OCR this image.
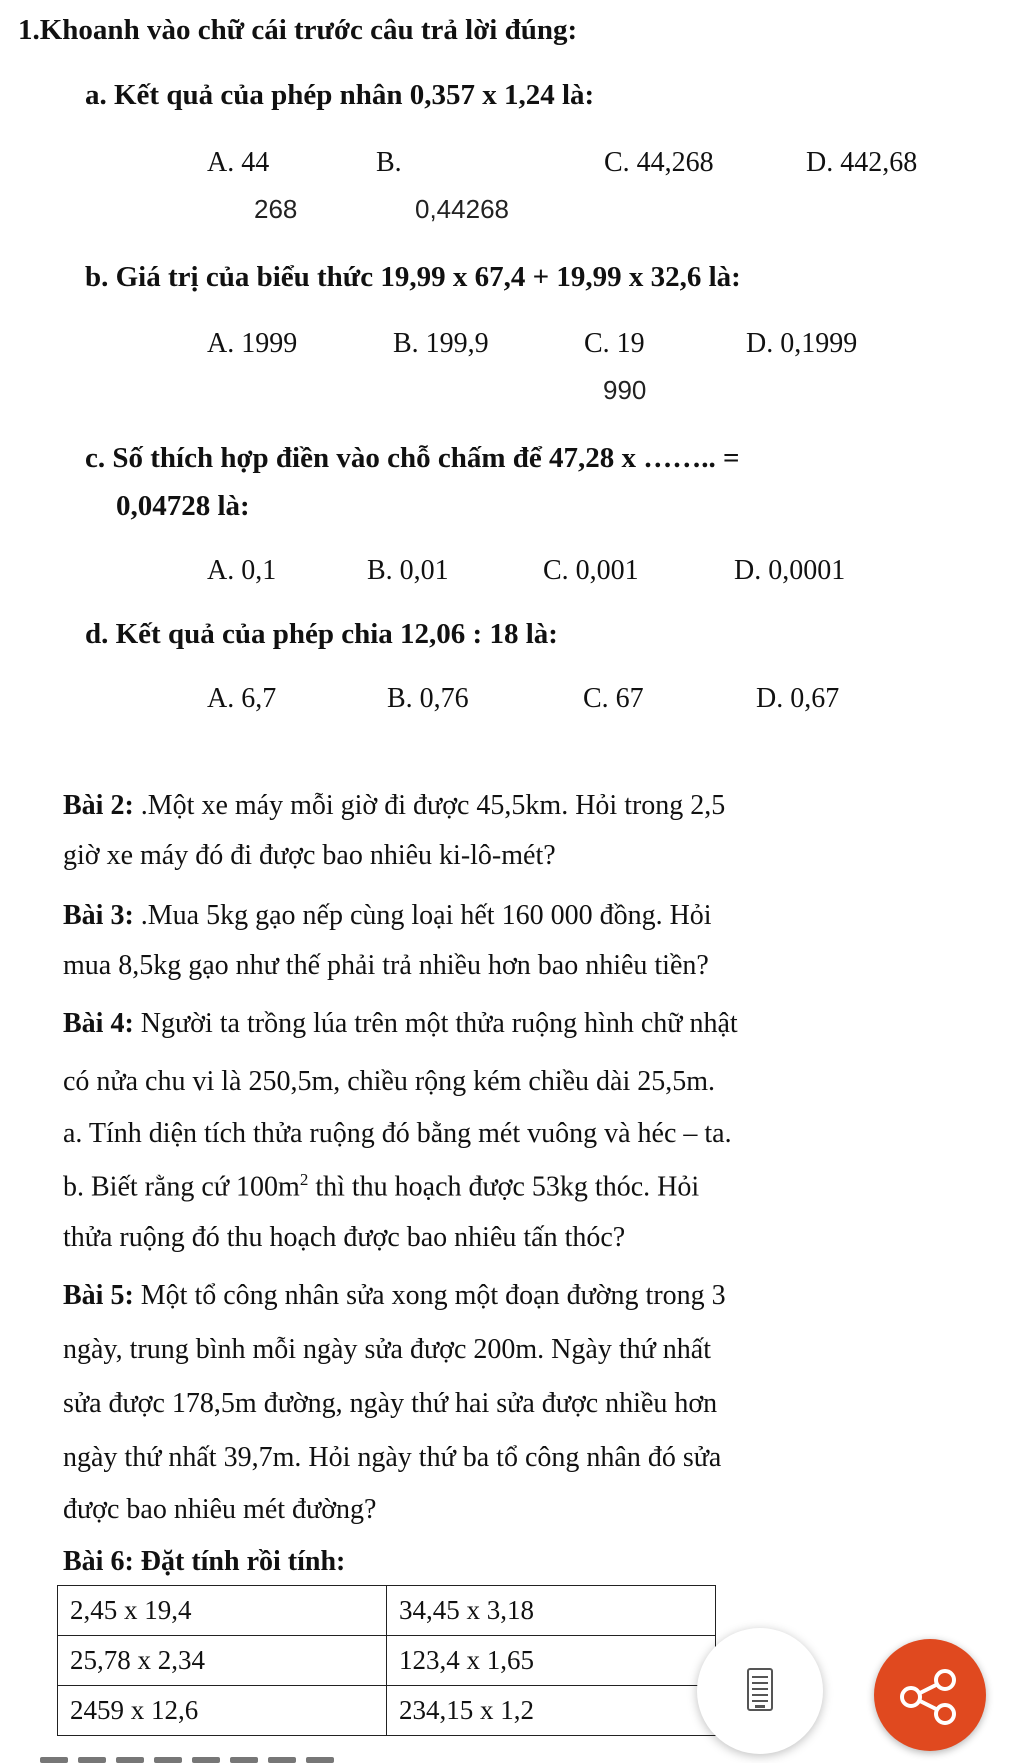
1.Khoanh vào chữ cái trước câu trả lời đúng:
a. Kết quả của phép nhân 0,357 x 1,24 là:
A. 44
268
B.
0,44268
C. 44,268	D. 442,68
b. Giá trị của biểu thức 19,99 x 67,4 + 19,99 x 32,6 là:
A. 1999	B. 199,9	C. 19
990
D. 0,1999
c. Số thích hợp điền vào chỗ chấm để 47,28 x …….. =
0,04728 là:
A. 0,1	B. 0,01	C. 0,001	D. 0,0001
d. Kết quả của phép chia 12,06 : 18 là:
A. 6,7	B. 0,76	C. 67	D. 0,67
Bài 2: .Một xe máy mỗi giờ đi được 45,5km. Hỏi trong 2,5
giờ xe máy đó đi được bao nhiêu ki-lô-mét?
Bài 3: .Mua 5kg gạo nếp cùng loại hết 160 000 đồng. Hỏi
mua 8,5kg gạo như thế phải trả nhiều hơn bao nhiêu tiền?
Bài 4: Người ta trồng lúa trên một thửa ruộng hình chữ nhật
có nửa chu vi là 250,5m, chiều rộng kém chiều dài 25,5m.
a. Tính diện tích thửa ruộng đó bằng mét vuông và héc – ta.
b. Biết rằng cứ $100m^2$ thì thu hoạch được 53kg thóc. Hỏi
thửa ruộng đó thu hoạch được bao nhiêu tấn thóc?
Bài 5: Một tổ công nhân sửa xong một đoạn đường trong 3
ngày, trung bình mỗi ngày sửa được 200m. Ngày thứ nhất
sửa được 178,5m đường, ngày thứ hai sửa được nhiều hơn
ngày thứ nhất 39,7m. Hỏi ngày thứ ba tổ công nhân đó sửa
được bao nhiêu mét đường?
Bài 6: Đặt tính rồi tính:
2,45 x 19,4	34,45 x 3,18
25,78 x 2,34	123,4 x 1,65
2459 x 12,6	234,15 x 1,2
